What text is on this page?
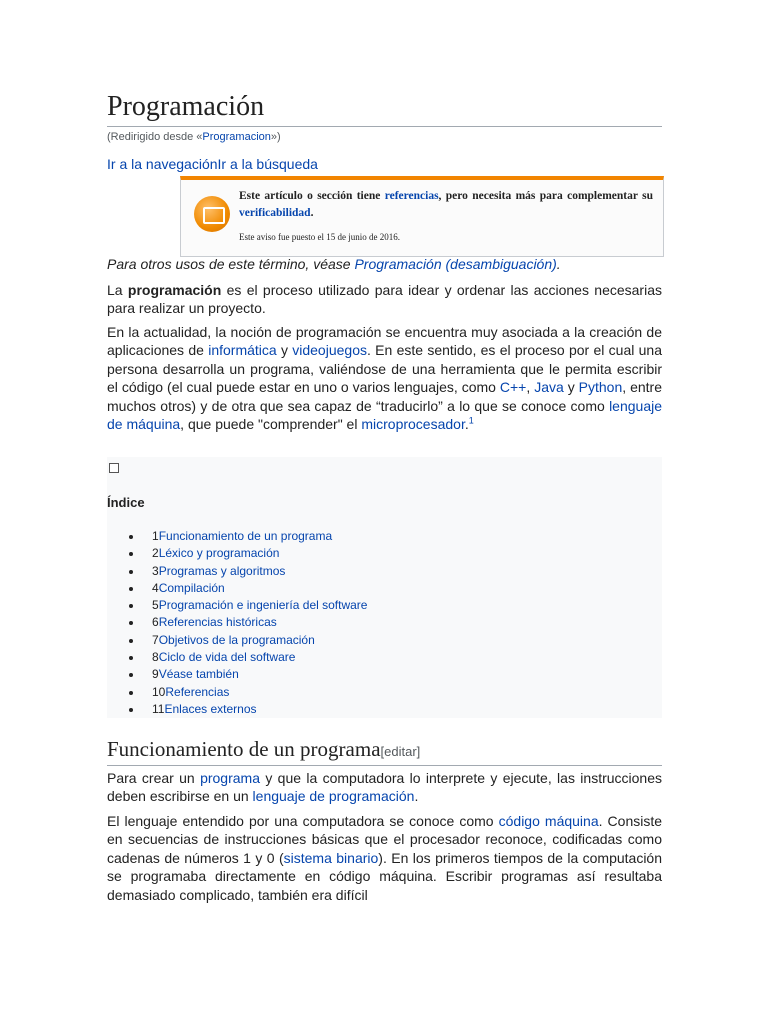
Programación
(Redirigido desde «Programacion»)
Ir a la navegaciónIr a la búsqueda
Este artículo o sección tiene referencias, pero necesita más para complementar su verificabilidad.
Este aviso fue puesto el 15 de junio de 2016.
Para otros usos de este término, véase Programación (desambiguación).

La programación es el proceso utilizado para idear y ordenar las acciones necesarias para realizar un proyecto.

En la actualidad, la noción de programación se encuentra muy asociada a la creación de aplicaciones de informática y videojuegos. En este sentido, es el proceso por el cual una persona desarrolla un programa, valiéndose de una herramienta que le permita escribir el código (el cual puede estar en uno o varios lenguajes, como C++, Java y Python, entre muchos otros) y de otra que sea capaz de “traducirlo” a lo que se conoce como lenguaje de máquina, que puede "comprender" el microprocesador.$^1$

Índice
1Funcionamiento de un programa
2Léxico y programación
3Programas y algoritmos
4Compilación
5Programación e ingeniería del software
6Referencias históricas
7Objetivos de la programación
8Ciclo de vida del software
9Véase también
10Referencias
11Enlaces externos
Funcionamiento de un programa[editar]

Para crear un programa y que la computadora lo interprete y ejecute, las instrucciones deben escribirse en un lenguaje de programación.

El lenguaje entendido por una computadora se conoce como código máquina. Consiste en secuencias de instrucciones básicas que el procesador reconoce, codificadas como cadenas de números 1 y 0 (sistema binario). En los primeros tiempos de la computación se programaba directamente en código máquina. Escribir programas así resultaba demasiado complicado, también era difícil
